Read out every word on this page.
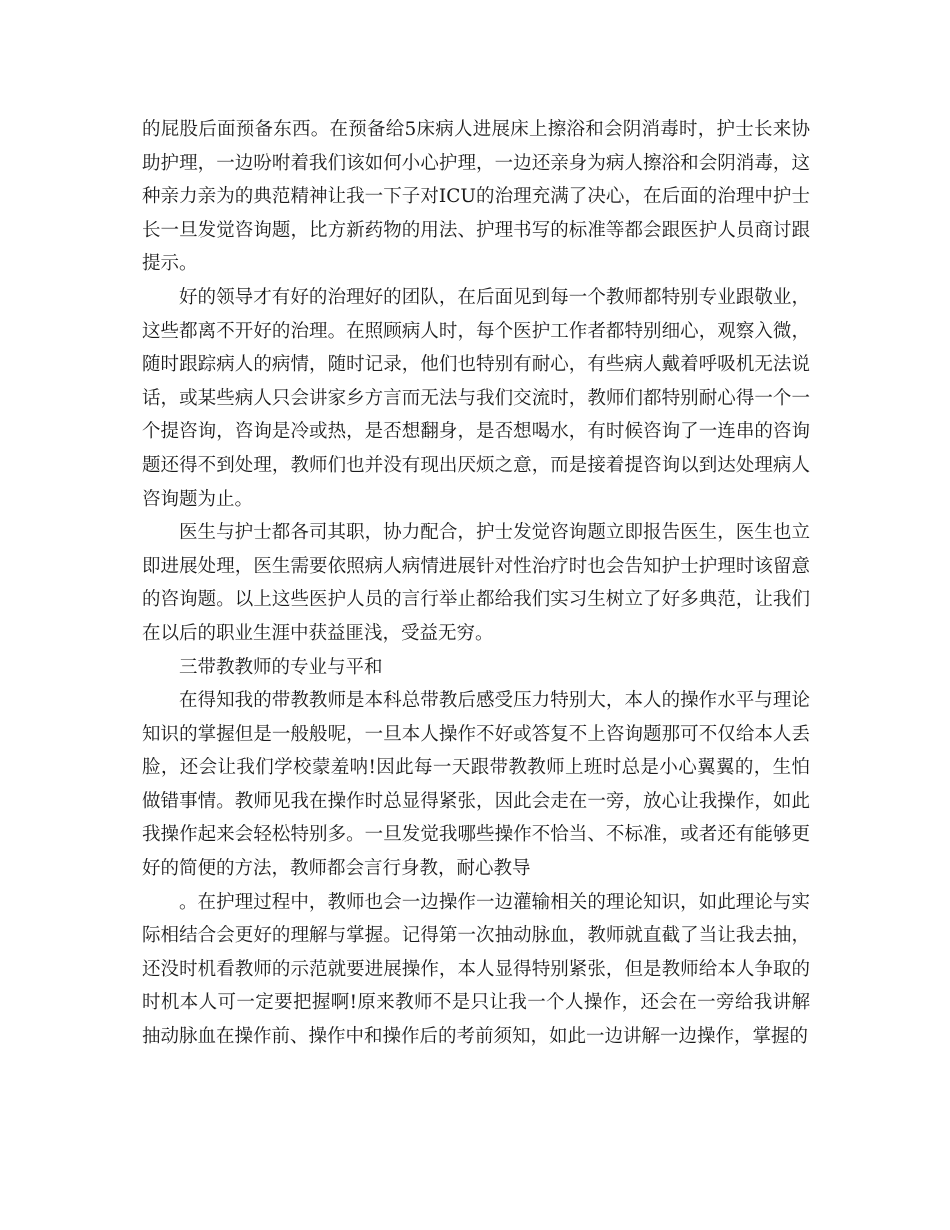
的屁股后面预备东西。在预备给5床病人进展床上擦浴和会阴消毒时，护士长来协助护理，一边吩咐着我们该如何小心护理，一边还亲身为病人擦浴和会阴消毒，这种亲力亲为的典范精神让我一下子对ICU的治理充满了决心，在后面的治理中护士长一旦发觉咨询题，比方新药物的用法、护理书写的标准等都会跟医护人员商讨跟提示。

好的领导才有好的治理好的团队，在后面见到每一个教师都特别专业跟敬业，这些都离不开好的治理。在照顾病人时，每个医护工作者都特别细心，观察入微，随时跟踪病人的病情，随时记录，他们也特别有耐心，有些病人戴着呼吸机无法说话，或某些病人只会讲家乡方言而无法与我们交流时，教师们都特别耐心得一个一个提咨询，咨询是冷或热，是否想翻身，是否想喝水，有时候咨询了一连串的咨询题还得不到处理，教师们也并没有现出厌烦之意，而是接着提咨询以到达处理病人咨询题为止。

医生与护士都各司其职，协力配合，护士发觉咨询题立即报告医生，医生也立即进展处理，医生需要依照病人病情进展针对性治疗时也会告知护士护理时该留意的咨询题。以上这些医护人员的言行举止都给我们实习生树立了好多典范，让我们在以后的职业生涯中获益匪浅，受益无穷。

三带教教师的专业与平和

在得知我的带教教师是本科总带教后感受压力特别大，本人的操作水平与理论知识的掌握但是一般般呢，一旦本人操作不好或答复不上咨询题那可不仅给本人丢脸，还会让我们学校蒙羞呐!因此每一天跟带教教师上班时总是小心翼翼的，生怕做错事情。教师见我在操作时总显得紧张，因此会走在一旁，放心让我操作，如此我操作起来会轻松特别多。一旦发觉我哪些操作不恰当、不标准，或者还有能够更好的简便的方法，教师都会言行身教，耐心教导

。在护理过程中，教师也会一边操作一边灌输相关的理论知识，如此理论与实际相结合会更好的理解与掌握。记得第一次抽动脉血，教师就直截了当让我去抽，还没时机看教师的示范就要进展操作，本人显得特别紧张，但是教师给本人争取的时机本人可一定要把握啊!原来教师不是只让我一个人操作，还会在一旁给我讲解抽动脉血在操作前、操作中和操作后的考前须知，如此一边讲解一边操作，掌握的
